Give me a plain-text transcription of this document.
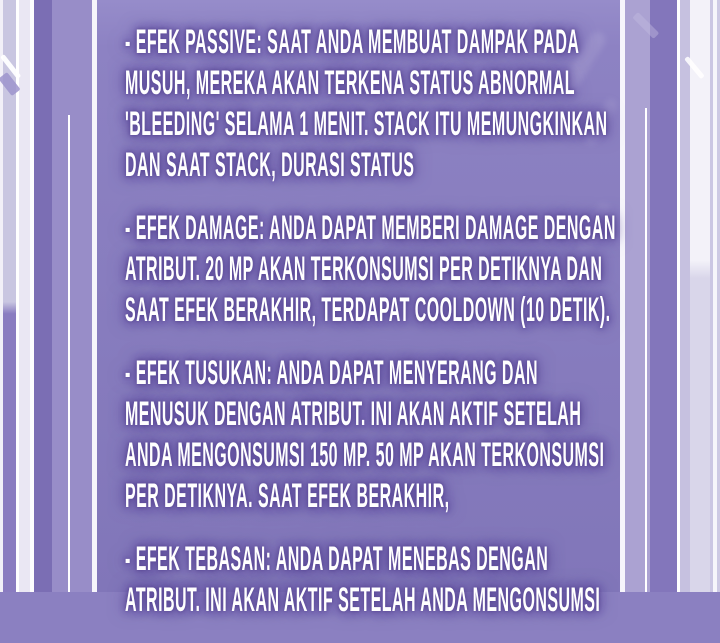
- EFEK PASSIVE: SAAT ANDA MEMBUAT DAMPAK PADA
MUSUH, MEREKA AKAN TERKENA STATUS ABNORMAL
'BLEEDING' SELAMA 1 MENIT. STACK ITU MEMUNGKINKAN
DAN SAAT STACK, DURASI STATUS
- EFEK DAMAGE: ANDA DAPAT MEMBERI DAMAGE DENGAN
ATRIBUT. 20 MP AKAN TERKONSUMSI PER DETIKNYA DAN
SAAT EFEK BERAKHIR, TERDAPAT COOLDOWN (10 DETIK).
- EFEK TUSUKAN: ANDA DAPAT MENYERANG DAN
MENUSUK DENGAN ATRIBUT. INI AKAN AKTIF SETELAH
ANDA MENGONSUMSI 150 MP. 50 MP AKAN TERKONSUMSI
PER DETIKNYA. SAAT EFEK BERAKHIR,
- EFEK TEBASAN: ANDA DAPAT MENEBAS DENGAN
ATRIBUT. INI AKAN AKTIF SETELAH ANDA MENGONSUMSI
